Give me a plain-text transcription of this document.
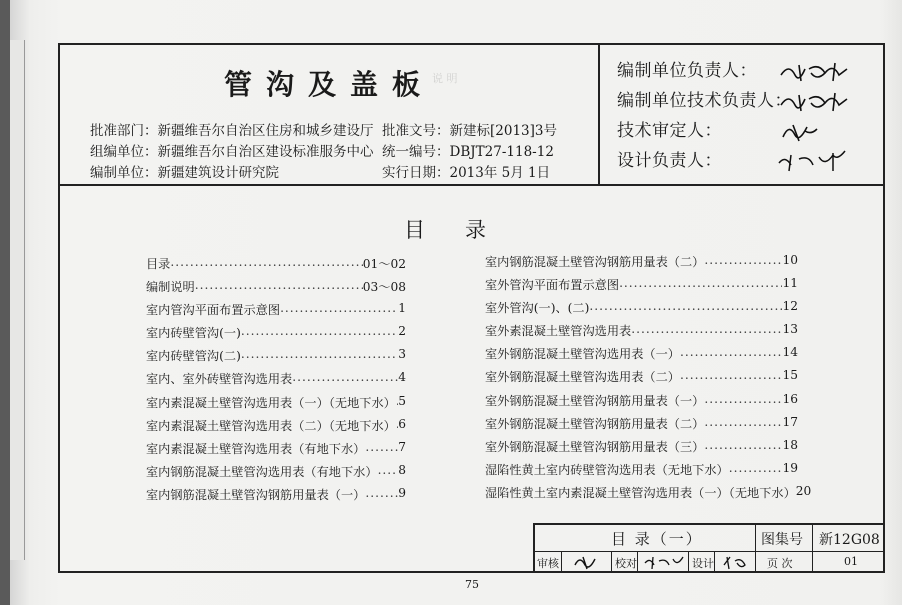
说 明
管沟及盖板
批准部门：新疆维吾尔自治区住房和城乡建设厅 批准文号：新建标[2013]3号
组编单位：新疆维吾尔自治区建设标准服务中心 统一编号：DBJT27-118-12
编制单位：新疆建筑设计研究院	实行日期：2013年 5月 1日
编制单位负责人：
编制单位技术负责人：
技术审定人：
设计负责人：
目录
目录 .....	01～02
编制说明 .....	03～08
室内管沟平面布置示意图 .....	1
室内砖壁管沟(一) .....	2
室内砖壁管沟(二) .....	3
室内、室外砖壁管沟选用表 .....	4
室内素混凝土壁管沟选用表（一）（无地下水） ..... 5
室内素混凝土壁管沟选用表（二）（无地下水） ..... 6
室内素混凝土壁管沟选用表（有地下水） .....	7
室内钢筋混凝土壁管沟选用表（有地下水） ..... 8
室内钢筋混凝土壁管沟钢筋用量表（一） .....	9
室内钢筋混凝土壁管沟钢筋用量表（二） .....	10
室外管沟平面布置示意图 .....	11
室外管沟(一)、(二) .....	12
室外素混凝土壁管沟选用表 .....	13
室外钢筋混凝土壁管沟选用表（一） .....	14
室外钢筋混凝土壁管沟选用表（二） .....	15
室外钢筋混凝土壁管沟钢筋用量表（一） .....	16
室外钢筋混凝土壁管沟钢筋用量表（二） .....	17
室外钢筋混凝土壁管沟钢筋用量表（三） .....	18
湿陷性黄土室内砖壁管沟选用表（无地下水） .....	19
湿陷性黄土室内素混凝土壁管沟选用表（一）（无地下水） 20
目 录（一）	图集号 新12G08
审核	校对	设计	页 次	01
75
